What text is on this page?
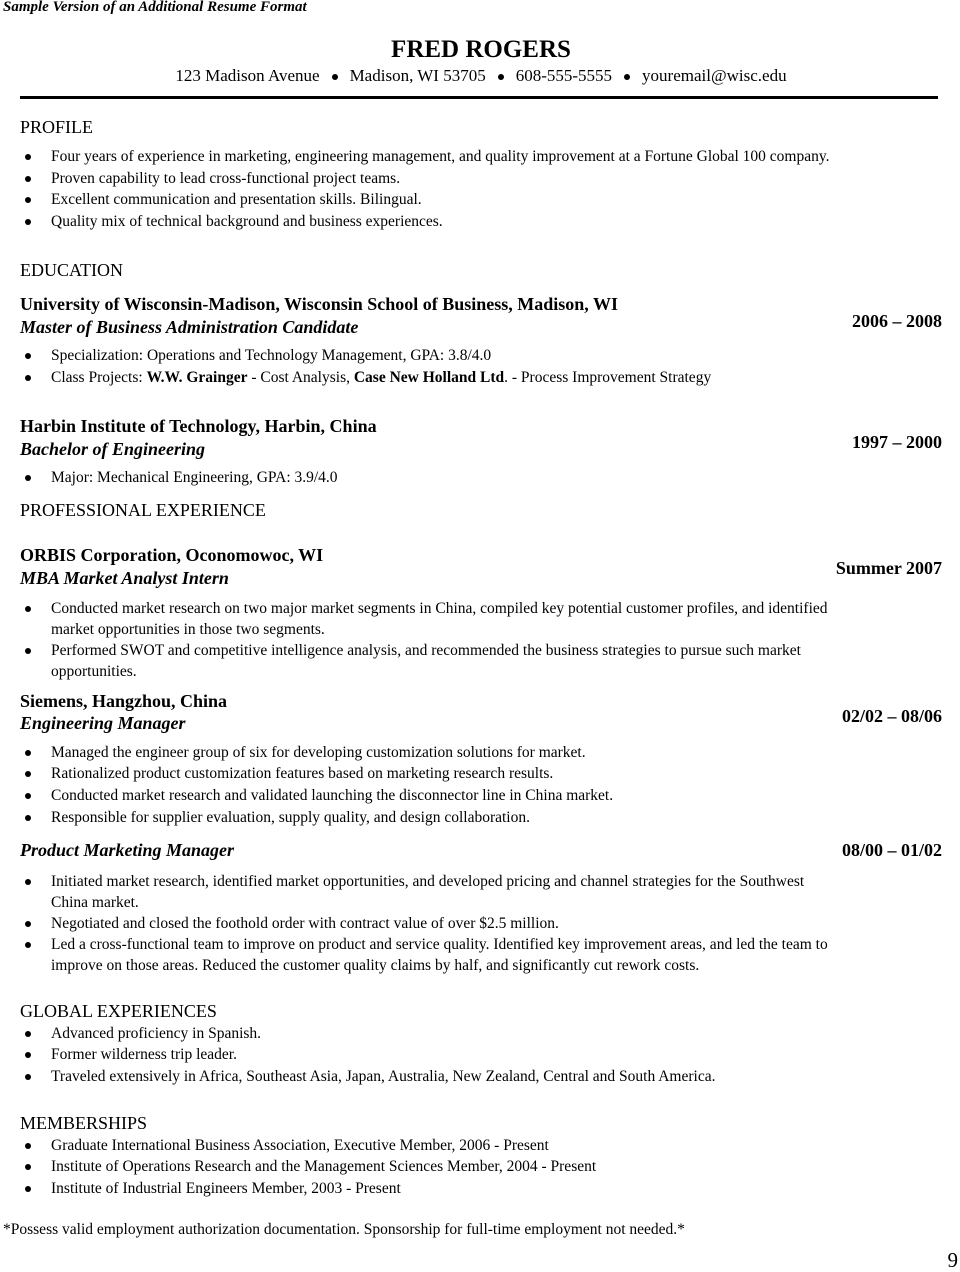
Sample Version of an Additional Resume Format
FRED ROGERS
123 Madison Avenue Madison, WI 53705 608-555-5555 youremail@wisc.edu
PROFILE
Four years of experience in marketing, engineering management, and quality improvement at a Fortune Global 100 company.
Proven capability to lead cross-functional project teams.
Excellent communication and presentation skills. Bilingual.
Quality mix of technical background and business experiences.
EDUCATION
University of Wisconsin-Madison, Wisconsin School of Business, Madison, WI
Master of Business Administration Candidate	2006 – 2008
Specialization: Operations and Technology Management, GPA: 3.8/4.0
Class Projects: W.W. Grainger - Cost Analysis, Case New Holland Ltd. - Process Improvement Strategy
Harbin Institute of Technology, Harbin, China
Bachelor of Engineering	1997 – 2000
Major: Mechanical Engineering, GPA: 3.9/4.0
PROFESSIONAL EXPERIENCE
ORBIS Corporation, Oconomowoc, WI
MBA Market Analyst Intern	Summer 2007
Conducted market research on two major market segments in China, compiled key potential customer profiles, and identified
market opportunities in those two segments.
Performed SWOT and competitive intelligence analysis, and recommended the business strategies to pursue such market
opportunities.
Siemens, Hangzhou, China
Engineering Manager	02/02 – 08/06
Managed the engineer group of six for developing customization solutions for market.
Rationalized product customization features based on marketing research results.
Conducted market research and validated launching the disconnector line in China market.
Responsible for supplier evaluation, supply quality, and design collaboration.
Product Marketing Manager	08/00 – 01/02
Initiated market research, identified market opportunities, and developed pricing and channel strategies for the Southwest
China market.
Negotiated and closed the foothold order with contract value of over $2.5 million.
Led a cross-functional team to improve on product and service quality. Identified key improvement areas, and led the team to
improve on those areas. Reduced the customer quality claims by half, and significantly cut rework costs.
GLOBAL EXPERIENCES
Advanced proficiency in Spanish.
Former wilderness trip leader.
Traveled extensively in Africa, Southeast Asia, Japan, Australia, New Zealand, Central and South America.
MEMBERSHIPS
Graduate International Business Association, Executive Member, 2006 - Present
Institute of Operations Research and the Management Sciences Member, 2004 - Present
Institute of Industrial Engineers Member, 2003 - Present
*Possess valid employment authorization documentation. Sponsorship for full-time employment not needed.*
9
